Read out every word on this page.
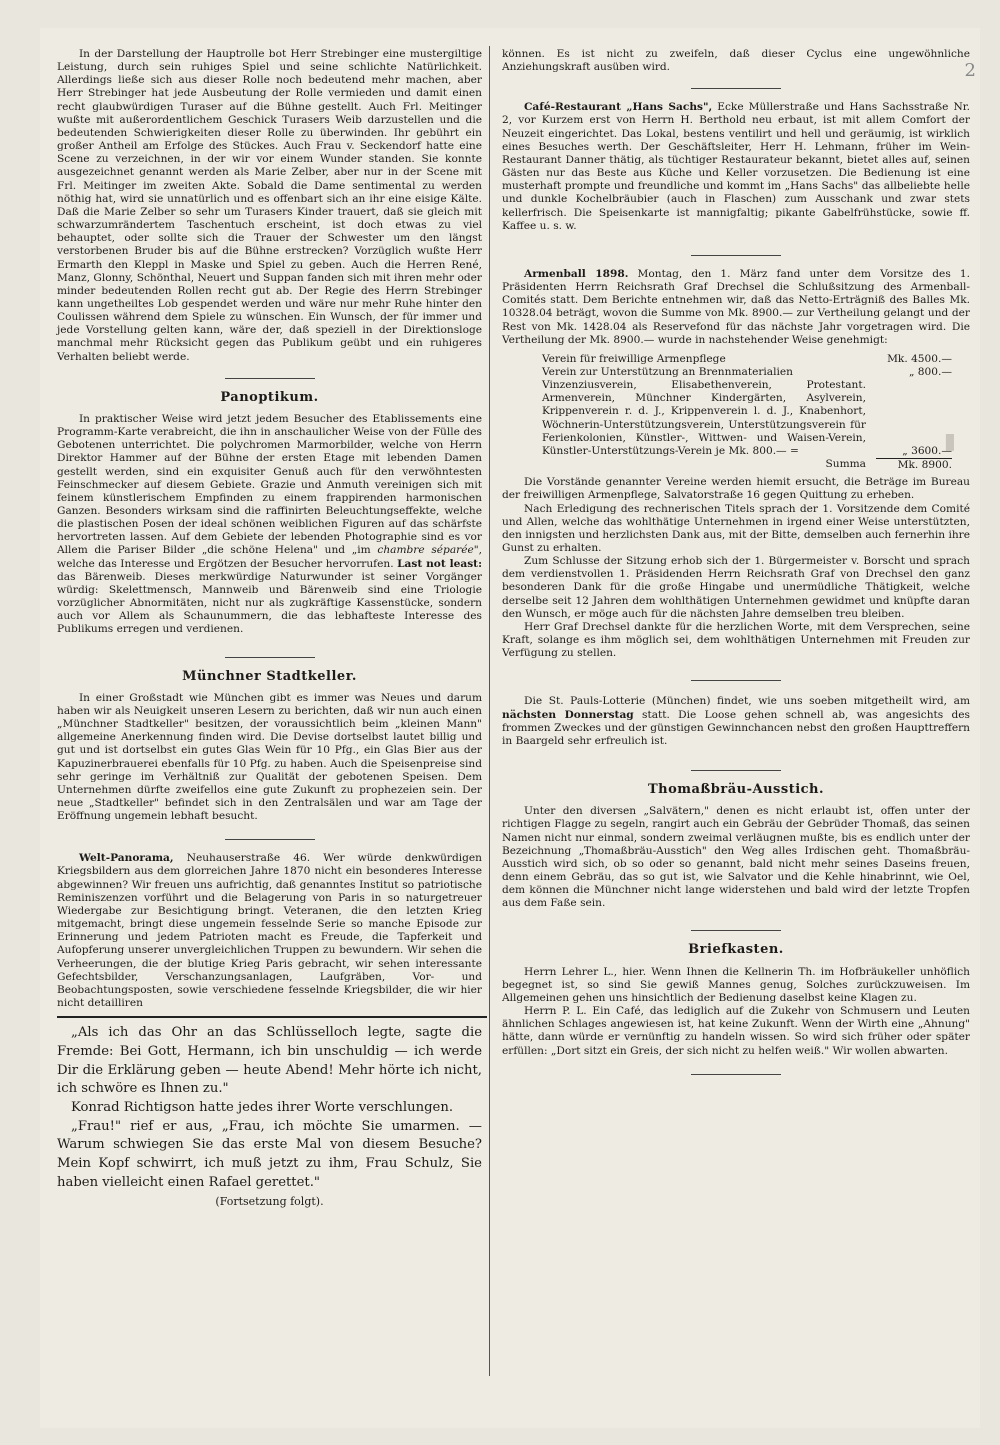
2
▮

In der Darstellung der Hauptrolle bot Herr Strebinger eine mustergiltige Leistung, durch sein ruhiges Spiel und seine schlichte Natürlichkeit. Allerdings ließe sich aus dieser Rolle noch bedeutend mehr machen, aber Herr Strebinger hat jede Ausbeutung der Rolle vermieden und damit einen recht glaubwürdigen Turaser auf die Bühne gestellt. Auch Frl. Meitinger wußte mit außerordentlichem Geschick Turasers Weib darzustellen und die bedeutenden Schwierigkeiten dieser Rolle zu überwinden. Ihr gebührt ein großer Antheil am Erfolge des Stückes. Auch Frau v. Seckendorf hatte eine Scene zu verzeichnen, in der wir vor einem Wunder standen. Sie konnte ausgezeichnet genannt werden als Marie Zelber, aber nur in der Scene mit Frl. Meitinger im zweiten Akte. Sobald die Dame sentimental zu werden nöthig hat, wird sie unnatürlich und es offenbart sich an ihr eine eisige Kälte. Daß die Marie Zelber so sehr um Turasers Kinder trauert, daß sie gleich mit schwarzumrändertem Taschentuch erscheint, ist doch etwas zu viel behauptet, oder sollte sich die Trauer der Schwester um den längst verstorbenen Bruder bis auf die Bühne erstrecken? Vorzüglich wußte Herr Ermarth den Kleppl in Maske und Spiel zu geben. Auch die Herren René, Manz, Glonny, Schönthal, Neuert und Suppan fanden sich mit ihren mehr oder minder bedeutenden Rollen recht gut ab. Der Regie des Herrn Strebinger kann ungetheiltes Lob gespendet werden und wäre nur mehr Ruhe hinter den Coulissen während dem Spiele zu wünschen. Ein Wunsch, der für immer und jede Vorstellung gelten kann, wäre der, daß speziell in der Direktionsloge manchmal mehr Rücksicht gegen das Publikum geübt und ein ruhigeres Verhalten beliebt werde.

Panoptikum.

In praktischer Weise wird jetzt jedem Besucher des Etablissements eine Programm-Karte verabreicht, die ihn in anschaulicher Weise von der Fülle des Gebotenen unterrichtet. Die polychromen Marmorbilder, welche von Herrn Direktor Hammer auf der Bühne der ersten Etage mit lebenden Damen gestellt werden, sind ein exquisiter Genuß auch für den verwöhntesten Feinschmecker auf diesem Gebiete. Grazie und Anmuth vereinigen sich mit feinem künstlerischem Empfinden zu einem frappirenden harmonischen Ganzen. Besonders wirksam sind die raffinirten Beleuchtungseffekte, welche die plastischen Posen der ideal schönen weiblichen Figuren auf das schärfste hervortreten lassen. Auf dem Gebiete der lebenden Photographie sind es vor Allem die Pariser Bilder „die schöne Helena" und „im chambre séparée", welche das Interesse und Ergötzen der Besucher hervorrufen. Last not least: das Bärenweib. Dieses merkwürdige Naturwunder ist seiner Vorgänger würdig: Skelettmensch, Mannweib und Bärenweib sind eine Triologie vorzüglicher Abnormitäten, nicht nur als zugkräftige Kassenstücke, sondern auch vor Allem als Schaunummern, die das lebhafteste Interesse des Publikums erregen und verdienen.

Münchner Stadtkeller.

In einer Großstadt wie München gibt es immer was Neues und darum haben wir als Neuigkeit unseren Lesern zu berichten, daß wir nun auch einen „Münchner Stadtkeller" besitzen, der voraussichtlich beim „kleinen Mann" allgemeine Anerkennung finden wird. Die Devise dortselbst lautet billig und gut und ist dortselbst ein gutes Glas Wein für 10 Pfg., ein Glas Bier aus der Kapuzinerbrauerei ebenfalls für 10 Pfg. zu haben. Auch die Speisenpreise sind sehr geringe im Verhältniß zur Qualität der gebotenen Speisen. Dem Unternehmen dürfte zweifellos eine gute Zukunft zu prophezeien sein. Der neue „Stadtkeller" befindet sich in den Zentralsälen und war am Tage der Eröffnung ungemein lebhaft besucht.

Welt-Panorama, Neuhauserstraße 46. Wer würde denkwürdigen Kriegsbildern aus dem glorreichen Jahre 1870 nicht ein besonderes Interesse abgewinnen? Wir freuen uns aufrichtig, daß genanntes Institut so patriotische Reminiszenzen vorführt und die Belagerung von Paris in so naturgetreuer Wiedergabe zur Besichtigung bringt. Veteranen, die den letzten Krieg mitgemacht, bringt diese ungemein fesselnde Serie so manche Episode zur Erinnerung und jedem Patrioten macht es Freude, die Tapferkeit und Aufopferung unserer unvergleichlichen Truppen zu bewundern. Wir sehen die Verheerungen, die der blutige Krieg Paris gebracht, wir sehen interessante Gefechtsbilder, Verschanzungsanlagen, Laufgräben, Vor- und Beobachtungsposten, sowie verschiedene fesselnde Kriegsbilder, die wir hier nicht detailliren

„Als ich das Ohr an das Schlüsselloch legte, sagte die Fremde: Bei Gott, Hermann, ich bin unschuldig — ich werde Dir die Erklärung geben — heute Abend! Mehr hörte ich nicht, ich schwöre es Ihnen zu."

Konrad Richtigson hatte jedes ihrer Worte verschlungen.

„Frau!" rief er aus, „Frau, ich möchte Sie umarmen. — Warum schwiegen Sie das erste Mal von diesem Besuche? Mein Kopf schwirrt, ich muß jetzt zu ihm, Frau Schulz, Sie haben vielleicht einen Rafael gerettet."

(Fortsetzung folgt).

können. Es ist nicht zu zweifeln, daß dieser Cyclus eine ungewöhnliche Anziehungskraft ausüben wird.

Café-Restaurant „Hans Sachs", Ecke Müllerstraße und Hans Sachsstraße Nr. 2, vor Kurzem erst von Herrn H. Berthold neu erbaut, ist mit allem Comfort der Neuzeit eingerichtet. Das Lokal, bestens ventilirt und hell und geräumig, ist wirklich eines Besuches werth. Der Geschäftsleiter, Herr H. Lehmann, früher im Wein-Restaurant Danner thätig, als tüchtiger Restaurateur bekannt, bietet alles auf, seinen Gästen nur das Beste aus Küche und Keller vorzusetzen. Die Bedienung ist eine musterhaft prompte und freundliche und kommt im „Hans Sachs" das allbeliebte helle und dunkle Kochelbräubier (auch in Flaschen) zum Ausschank und zwar stets kellerfrisch. Die Speisenkarte ist mannigfaltig; pikante Gabelfrühstücke, sowie ff. Kaffee u. s. w.

Armenball 1898. Montag, den 1. März fand unter dem Vorsitze des 1. Präsidenten Herrn Reichsrath Graf Drechsel die Schlußsitzung des Armenball-Comités statt. Dem Berichte entnehmen wir, daß das Netto-Erträgniß des Balles Mk. 10328.04 beträgt, wovon die Summe von Mk. 8900.— zur Vertheilung gelangt und der Rest von Mk. 1428.04 als Reservefond für das nächste Jahr vorgetragen wird. Die Vertheilung der Mk. 8900.— wurde in nachstehender Weise genehmigt:

Verein für freiwillige Armenpflege	Mk. 4500.—
Verein zur Unterstützung an Brennmaterialien	„ 800.—
Vinzenziusverein, Elisabethenverein, Protestant. Armenverein, Münchner Kindergärten, Asylverein, Krippenverein r. d. J., Krippenverein l. d. J., Knabenhort, Wöchnerin-Unterstützungsverein, Unterstützungsverein für Ferienkolonien, Künstler-, Wittwen- und Waisen-Verein, Künstler-Unterstützungs-Verein je Mk. 800.— =	„ 3600.—
Summa	Mk. 8900.

Die Vorstände genannter Vereine werden hiemit ersucht, die Beträge im Bureau der freiwilligen Armenpflege, Salvatorstraße 16 gegen Quittung zu erheben.

Nach Erledigung des rechnerischen Titels sprach der 1. Vorsitzende dem Comité und Allen, welche das wohlthätige Unternehmen in irgend einer Weise unterstützten, den innigsten und herzlichsten Dank aus, mit der Bitte, demselben auch fernerhin ihre Gunst zu erhalten.

Zum Schlusse der Sitzung erhob sich der 1. Bürgermeister v. Borscht und sprach dem verdienstvollen 1. Präsidenden Herrn Reichsrath Graf von Drechsel den ganz besonderen Dank für die große Hingabe und unermüdliche Thätigkeit, welche derselbe seit 12 Jahren dem wohlthätigen Unternehmen gewidmet und knüpfte daran den Wunsch, er möge auch für die nächsten Jahre demselben treu bleiben.

Herr Graf Drechsel dankte für die herzlichen Worte, mit dem Versprechen, seine Kraft, solange es ihm möglich sei, dem wohlthätigen Unternehmen mit Freuden zur Verfügung zu stellen.

Die St. Pauls-Lotterie (München) findet, wie uns soeben mitgetheilt wird, am nächsten Donnerstag statt. Die Loose gehen schnell ab, was angesichts des frommen Zweckes und der günstigen Gewinnchancen nebst den großen Haupttreffern in Baargeld sehr erfreulich ist.

Thomaßbräu-Ausstich.

Unter den diversen „Salvätern," denen es nicht erlaubt ist, offen unter der richtigen Flagge zu segeln, rangirt auch ein Gebräu der Gebrüder Thomaß, das seinen Namen nicht nur einmal, sondern zweimal verläugnen mußte, bis es endlich unter der Bezeichnung „Thomaßbräu-Ausstich" den Weg alles Irdischen geht. Thomaßbräu-Ausstich wird sich, ob so oder so genannt, bald nicht mehr seines Daseins freuen, denn einem Gebräu, das so gut ist, wie Salvator und die Kehle hinabrinnt, wie Oel, dem können die Münchner nicht lange widerstehen und bald wird der letzte Tropfen aus dem Faße sein.

Briefkasten.

Herrn Lehrer L., hier. Wenn Ihnen die Kellnerin Th. im Hofbräukeller unhöflich begegnet ist, so sind Sie gewiß Mannes genug, Solches zurückzuweisen. Im Allgemeinen gehen uns hinsichtlich der Bedienung daselbst keine Klagen zu.

Herrn P. L. Ein Café, das lediglich auf die Zukehr von Schmusern und Leuten ähnlichen Schlages angewiesen ist, hat keine Zukunft. Wenn der Wirth eine „Ahnung" hätte, dann würde er vernünftig zu handeln wissen. So wird sich früher oder später erfüllen: „Dort sitzt ein Greis, der sich nicht zu helfen weiß." Wir wollen abwarten.
